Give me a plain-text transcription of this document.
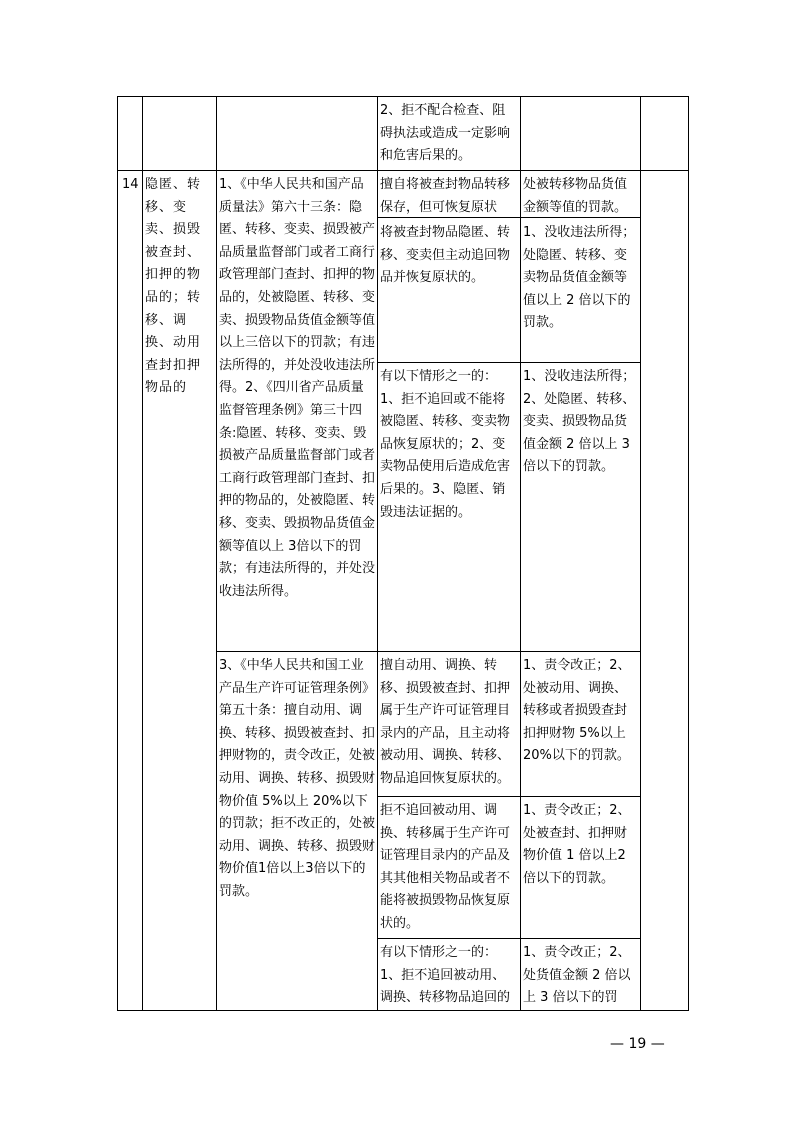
2、拒不配合检查、阻碍执法或造成一定影响和危害后果的。
14 隐匿、转移、变卖、损毁被查封、扣押的物品的；转移、调换、动用查封扣押物品的
1、《中华人民共和国产品质量法》第六十三条：隐匿、转移、变卖、损毁被产品质量监督部门或者工商行政管理部门查封、扣押的物品的，处被隐匿、转移、变卖、损毁物品货值金额等值以上三倍以下的罚款；有违法所得的，并处没收违法所得。2、《四川省产品质量监督管理条例》第三十四条:隐匿、转移、变卖、毁损被产品质量监督部门或者工商行政管理部门查封、扣押的物品的，处被隐匿、转移、变卖、毁损物品货值金额等值以上 3倍以下的罚款；有违法所得的，并处没收违法所得。
3、《中华人民共和国工业产品生产许可证管理条例》第五十条：擅自动用、调换、转移、损毁被查封、扣押财物的，责令改正，处被动用、调换、转移、损毁财物价值 5%以上 20%以下的罚款；拒不改正的，处被动用、调换、转移、损毁财物价值1倍以上3倍以下的罚款。
擅自将被查封物品转移保存，但可恢复原状
处被转移物品货值金额等值的罚款。
将被查封物品隐匿、转移、变卖但主动追回物品并恢复原状的。
1、没收违法所得；处隐匿、转移、变卖物品货值金额等值以上 2 倍以下的罚款。
有以下情形之一的：1、拒不追回或不能将被隐匿、转移、变卖物品恢复原状的；2、变卖物品使用后造成危害后果的。3、隐匿、销毁违法证据的。
1、没收违法所得；2、处隐匿、转移、变卖、损毁物品货值金额 2 倍以上 3倍以下的罚款。
擅自动用、调换、转移、损毁被查封、扣押属于生产许可证管理目录内的产品，且主动将被动用、调换、转移、物品追回恢复原状的。
1、责令改正；2、处被动用、调换、转移或者损毁查封扣押财物 5%以上 20%以下的罚款。
拒不追回被动用、调换、转移属于生产许可证管理目录内的产品及其其他相关物品或者不能将被损毁物品恢复原状的。
1、责令改正；2、处被查封、扣押财物价值 1 倍以上2 倍以下的罚款。
有以下情形之一的：1、拒不追回被动用、调换、转移物品追回的
1、责令改正；2、处货值金额 2 倍以上 3 倍以下的罚
— 19 —
